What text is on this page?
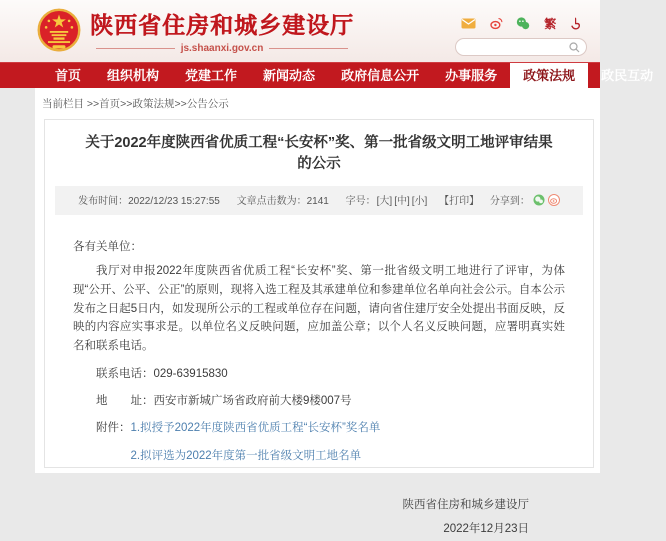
陕西省住房和城乡建设厅
js.shaanxi.gov.cn
繁
首页	组织机构	党建工作	新闻动态	政府信息公开	办事服务	政策法规	政民互动
当前栏目 >>首页>>政策法规>>公告公示
关于2022年度陕西省优质工程“长安杯”奖、第一批省级文明工地评审结果的公示
发布时间：2022/12/23 15:27:55 文章点击数为：2141 字号：[大] [中] [小] 【打印】 分享到：
各有关单位：
我厅对申报2022年度陕西省优质工程“长安杯”奖、第一批省级文明工地进行了评审，为体现“公开、公平、公正”的原则，现将入选工程及其承建单位和参建单位名单向社会公示。自本公示发布之日起5日内，如发现所公示的工程或单位存在问题，请向省住建厅安全处提出书面反映，反映的内容应实事求是。以单位名义反映问题，应加盖公章；以个人名义反映问题，应署明真实姓名和联系电话。
联系电话：029-63915830
地　　址：西安市新城广场省政府前大楼9楼007号
附件： 1.拟授予2022年度陕西省优质工程“长安杯”奖名单
2.拟评选为2022年度第一批省级文明工地名单
陕西省住房和城乡建设厅
2022年12月23日
